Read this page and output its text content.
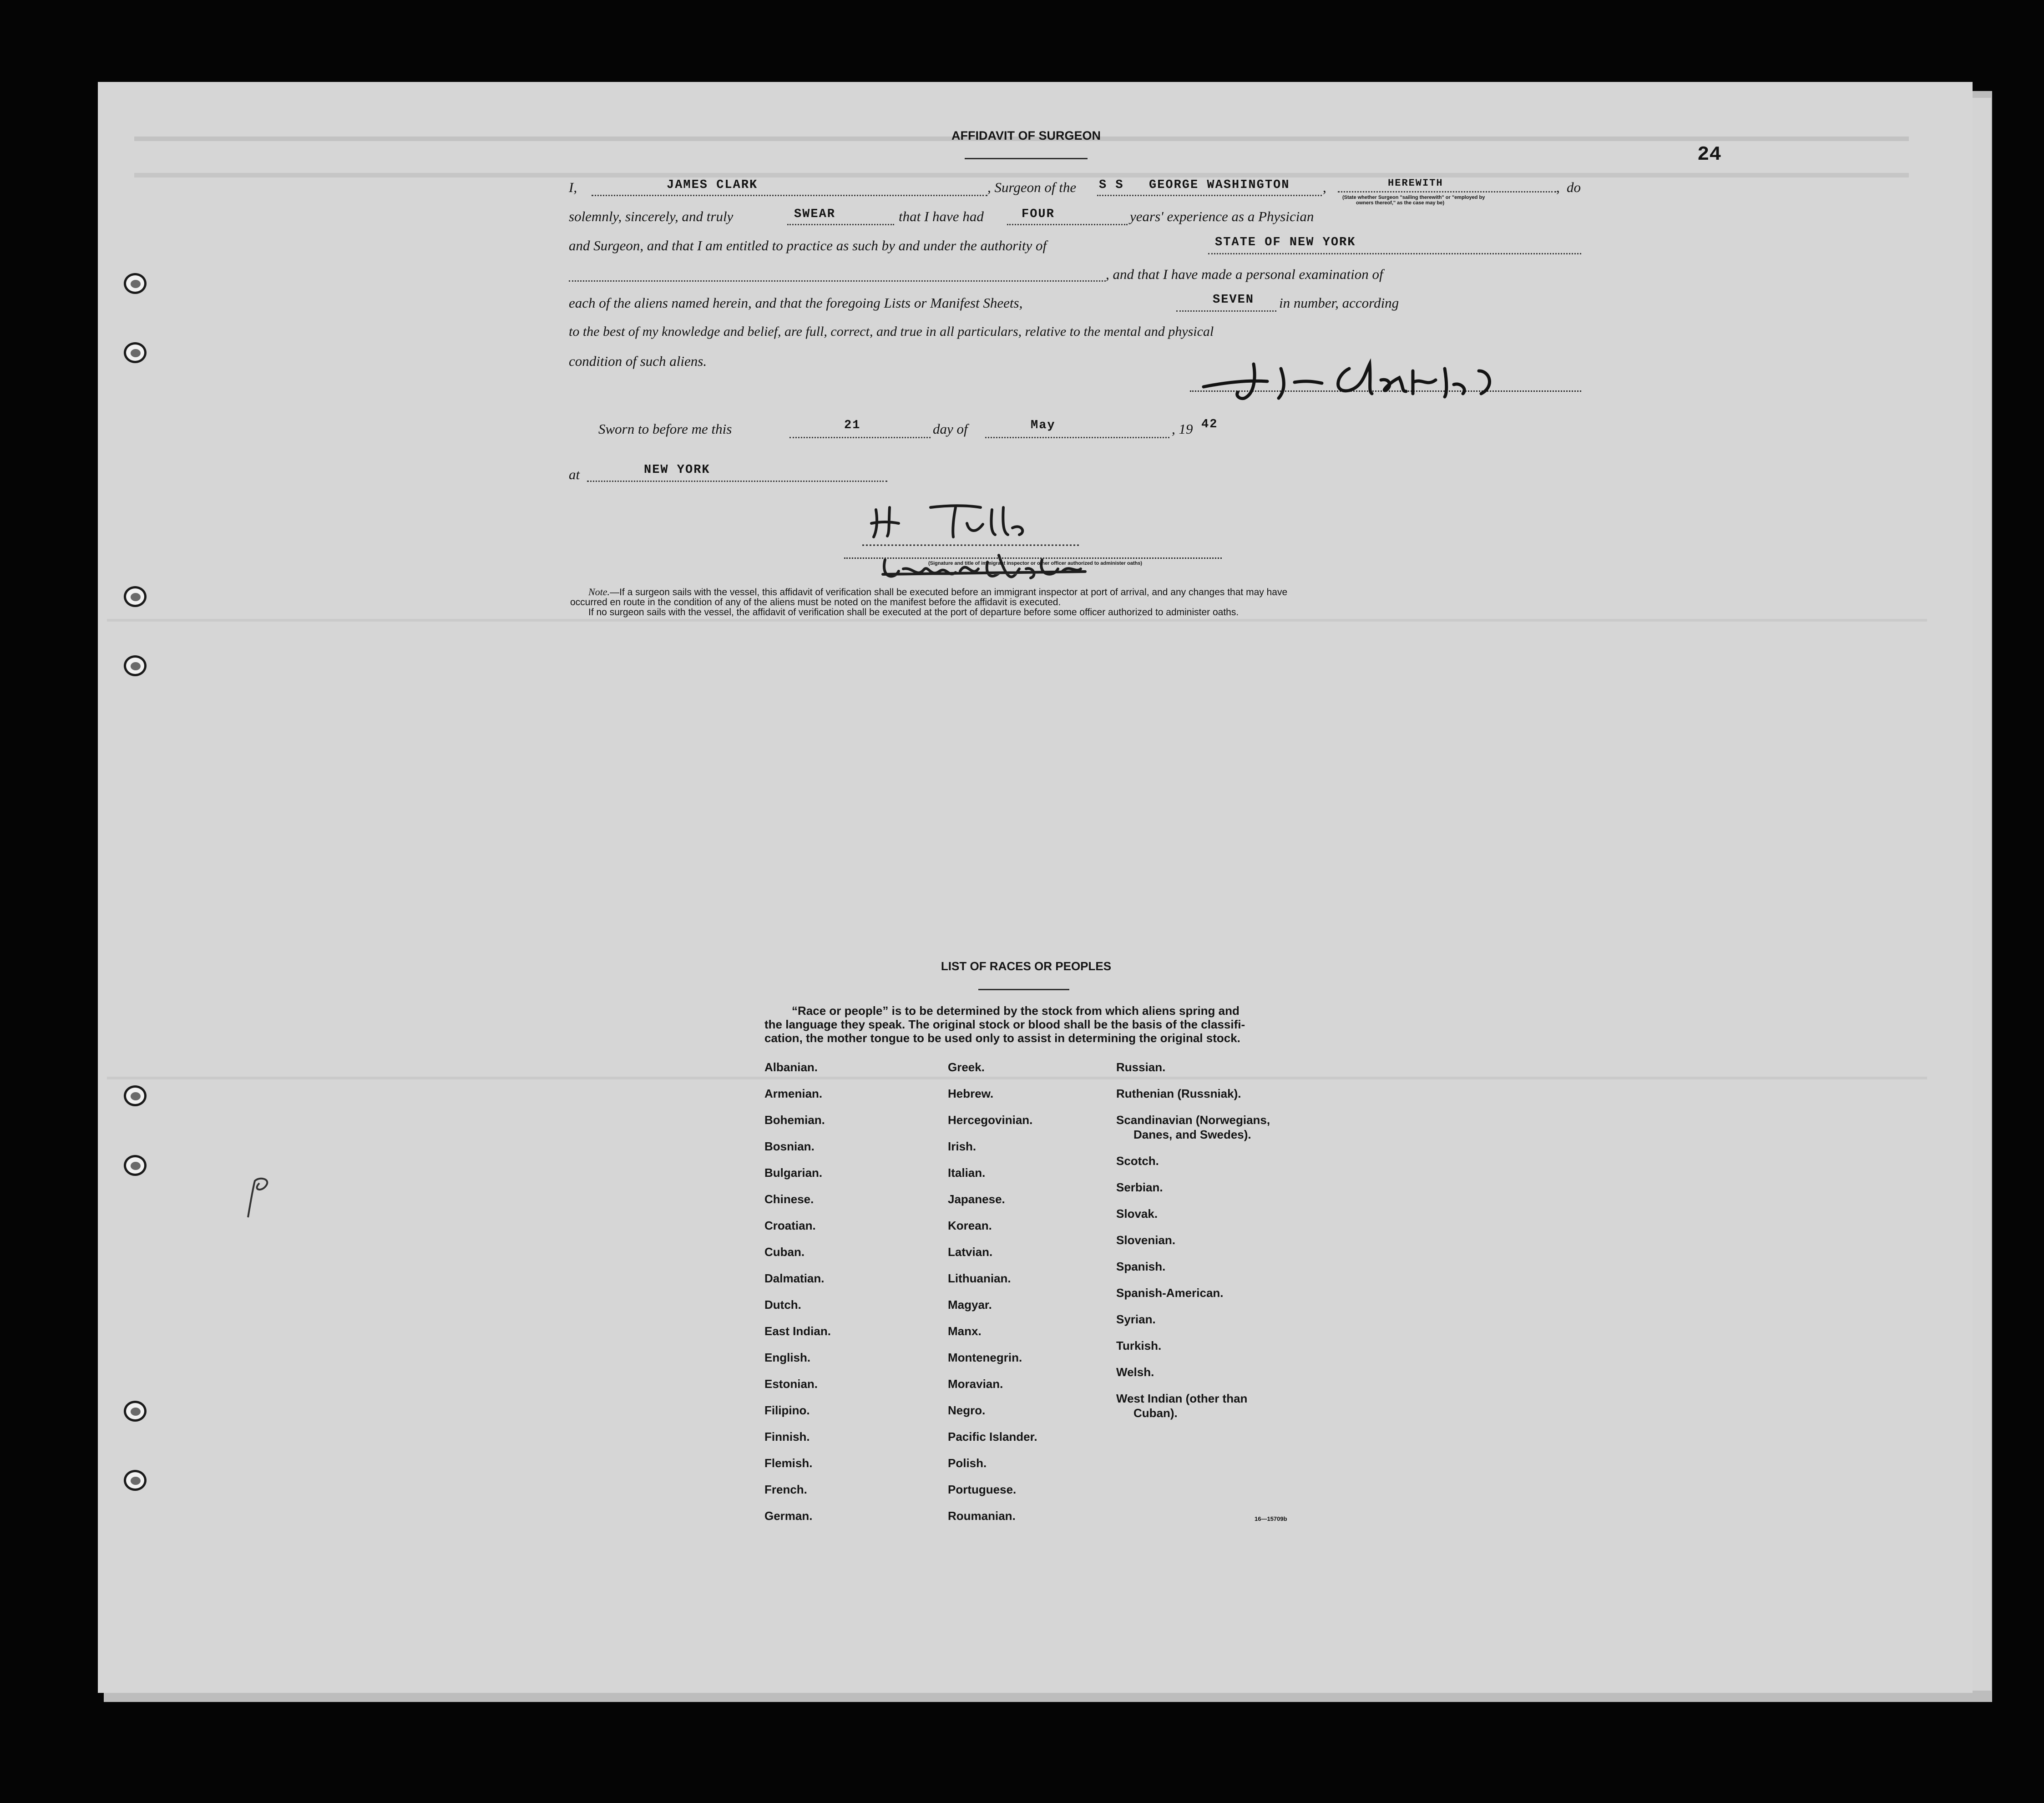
24
AFFIDAVIT OF SURGEON
I,	JAMES CLARK	, Surgeon of the S S GEORGE WASHINGTON ,	HEREWITH
(State whether Surgeon "sailing therewith" or "employed by
owners thereof," as the case may be)
, do
solemnly, sincerely, and truly	SWEAR	that I have had	FOUR	years' experience as a Physician
and Surgeon, and that I am entitled to practice as such by and under the authority of	STATE OF NEW YORK
, and that I have made a personal examination of
each of the aliens named herein, and that the foregoing Lists or Manifest Sheets,	SEVEN in number, according
to the best of my knowledge and belief, are full, correct, and true in all particulars, relative to the mental and physical
condition of such aliens.
Sworn to before me this	21	day of	May	, 19 42
at	NEW YORK
(Signature and title of immigrant inspector or other officer authorized to administer oaths)
Note.—If a surgeon sails with the vessel, this affidavit of verification shall be executed before an immigrant inspector at port of arrival, and any changes that may have
occurred en route in the condition of any of the aliens must be noted on the manifest before the affidavit is executed.
If no surgeon sails with the vessel, the affidavit of verification shall be executed at the port of departure before some officer authorized to administer oaths.
LIST OF RACES OR PEOPLES
“Race or people” is to be determined by the stock from which aliens spring and
the language they speak. The original stock or blood shall be the basis of the classifi-
cation, the mother tongue to be used only to assist in determining the original stock.
Albanian.
Armenian.
Bohemian.
Bosnian.
Bulgarian.
Chinese.
Croatian.
Cuban.
Dalmatian.
Dutch.
East Indian.
English.
Estonian.
Filipino.
Finnish.
Flemish.
French.
German.
Greek.
Hebrew.
Hercegovinian.
Irish.
Italian.
Japanese.
Korean.
Latvian.
Lithuanian.
Magyar.
Manx.
Montenegrin.
Moravian.
Negro.
Pacific Islander.
Polish.
Portuguese.
Roumanian.
Russian.
Ruthenian (Russniak).
Scandinavian (Norwegians,
Danes, and Swedes).
Scotch.
Serbian.
Slovak.
Slovenian.
Spanish.
Spanish-American.
Syrian.
Turkish.
Welsh.
West Indian (other than
Cuban).
16—15709b
